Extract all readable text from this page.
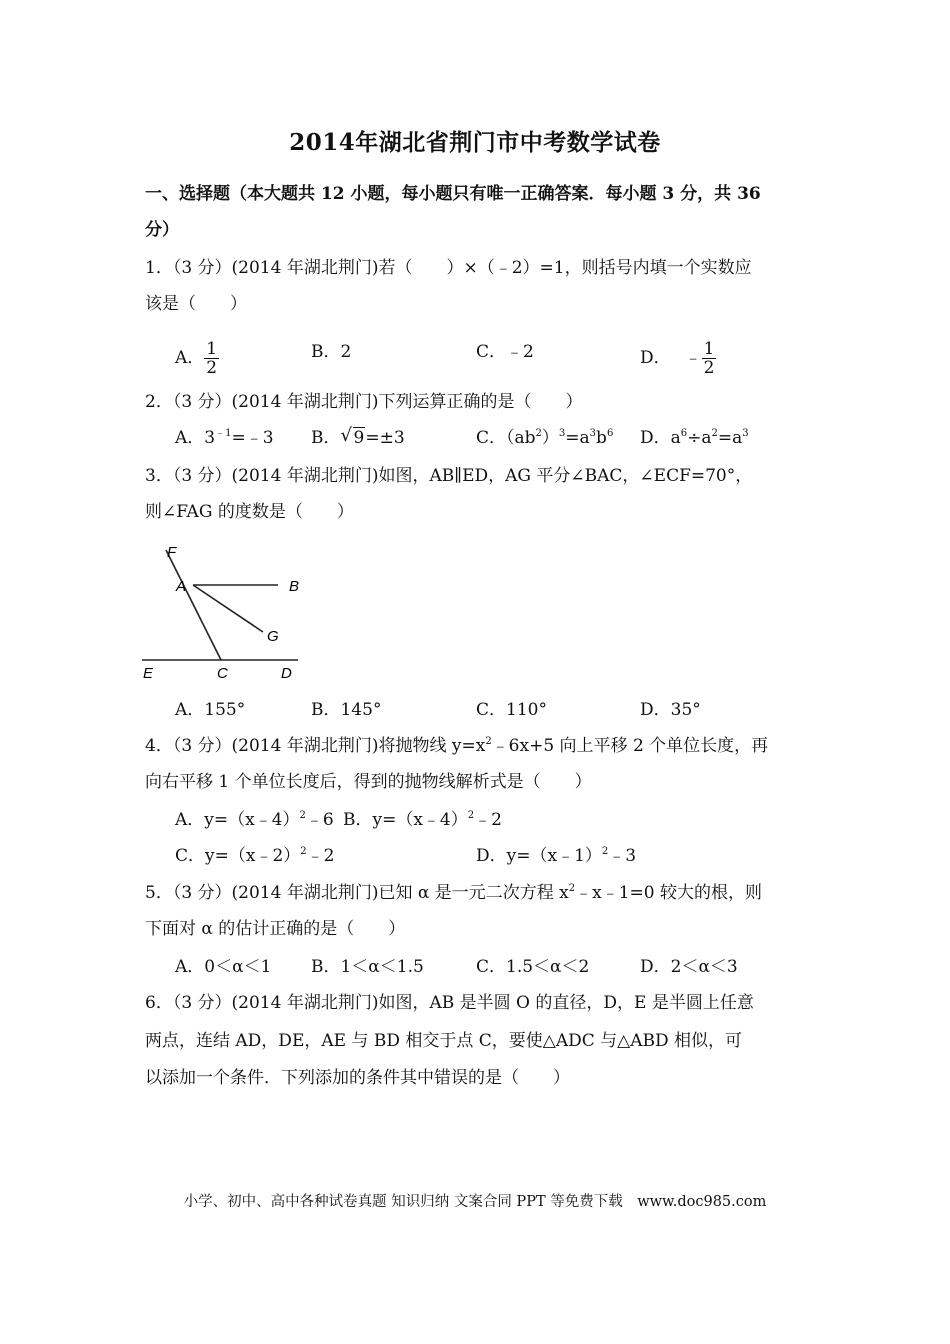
2014年湖北省荆门市中考数学试卷
一、选择题（本大题共 12 小题，每小题只有唯一正确答案．每小题 3 分，共 36
分）
1．（3 分）(2014 年湖北荆门)若（　　）×（﹣2）=1，则括号内填一个实数应
该是（　　）
A． $\frac{1}{2}$	B．2	C．﹣2	D． ﹣ $\frac{1}{2}$
2．（3 分）(2014 年湖北荆门)下列运算正确的是（　　）
A．$3^{﹣1}=﹣3$ B． √ 9=±3	C．$(ab^2)^3=a^3b^6$ D．$a^6\div a^2=a^3$
3．（3 分）(2014 年湖北荆门)如图，AB∥ED，AG 平分∠BAC，∠ECF=70°，
则∠FAG 的度数是（　　）
F
A	B
G
E	C	D
A．155°	B．145°	C．110°	D．35°
4．（3 分）(2014 年湖北荆门)将抛物线 $y=x^2﹣6x+5$ 向上平移 2 个单位长度，再
向右平移 1 个单位长度后，得到的抛物线解析式是（　　）
A．y=（x﹣4）$^2$﹣6 B．y=（x﹣4）$^2$﹣2
C．y=（x﹣2）$^2$﹣2	D．y=（x﹣1）$^2$﹣3
5．（3 分）(2014 年湖北荆门)已知 α 是一元二次方程 $x^2﹣x﹣1=0$ 较大的根，则
下面对 α 的估计正确的是（　　）
A．0＜α＜1 B．1＜α＜1.5	C．1.5＜α＜2	D．2＜α＜3
6．（3 分）(2014 年湖北荆门)如图，AB 是半圆 O 的直径，D，E 是半圆上任意
两点，连结 AD，DE，AE 与 BD 相交于点 C，要使△ADC 与△ABD 相似，可
以添加一个条件．下列添加的条件其中错误的是（　　）
小学、初中、高中各种试卷真题 知识归纳 文案合同 PPT 等免费下载　www.doc985.com
